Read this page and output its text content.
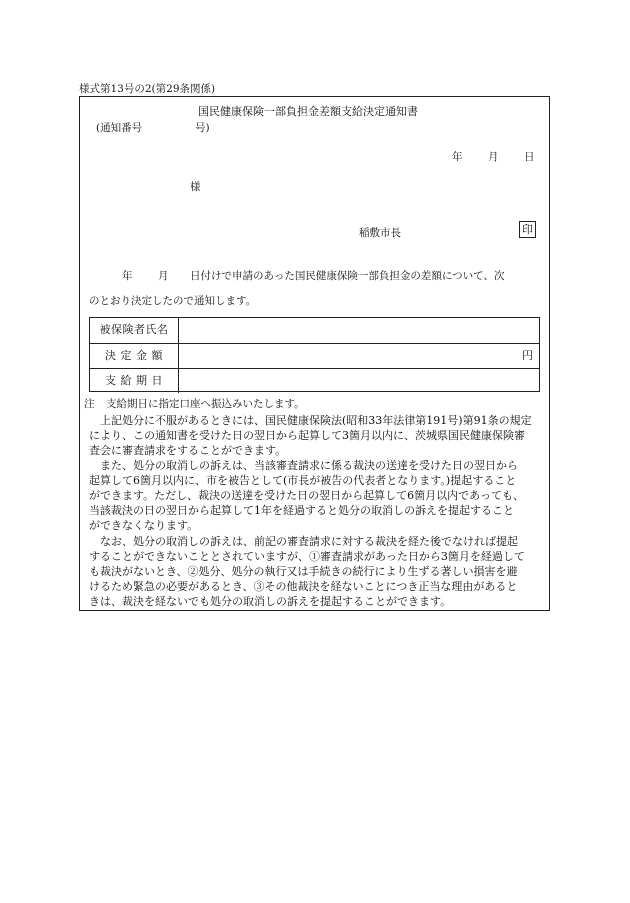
様式第13号の2(第29条関係)
国民健康保険一部負担金差額支給決定通知書
(通知番号	号)
年 月 日
様
稲敷市長	印
年 月 日付けで申請のあった国民健康保険一部負担金の差額について、次
のとおり決定したので通知します。
被保険者氏名
決 定 金 額	円
支 給 期 日
注 支給期日に指定口座へ振込みいたします。
　上記処分に不服があるときには、国民健康保険法(昭和33年法律第191号)第91条の規定
により、この通知書を受けた日の翌日から起算して3箇月以内に、茨城県国民健康保険審
査会に審査請求をすることができます。
　また、処分の取消しの訴えは、当該審査請求に係る裁決の送達を受けた日の翌日から
起算して6箇月以内に、市を被告として(市長が被告の代表者となります。)提起すること
ができます。ただし、裁決の送達を受けた日の翌日から起算して6箇月以内であっても、
当該裁決の日の翌日から起算して1年を経過すると処分の取消しの訴えを提起すること
ができなくなります。
　なお、処分の取消しの訴えは、前記の審査請求に対する裁決を経た後でなければ提起
することができないこととされていますが、①審査請求があった日から3箇月を経過して
も裁決がないとき、②処分、処分の執行又は手続きの続行により生ずる著しい損害を避
けるため緊急の必要があるとき、③その他裁決を経ないことにつき正当な理由があると
きは、裁決を経ないでも処分の取消しの訴えを提起することができます。
